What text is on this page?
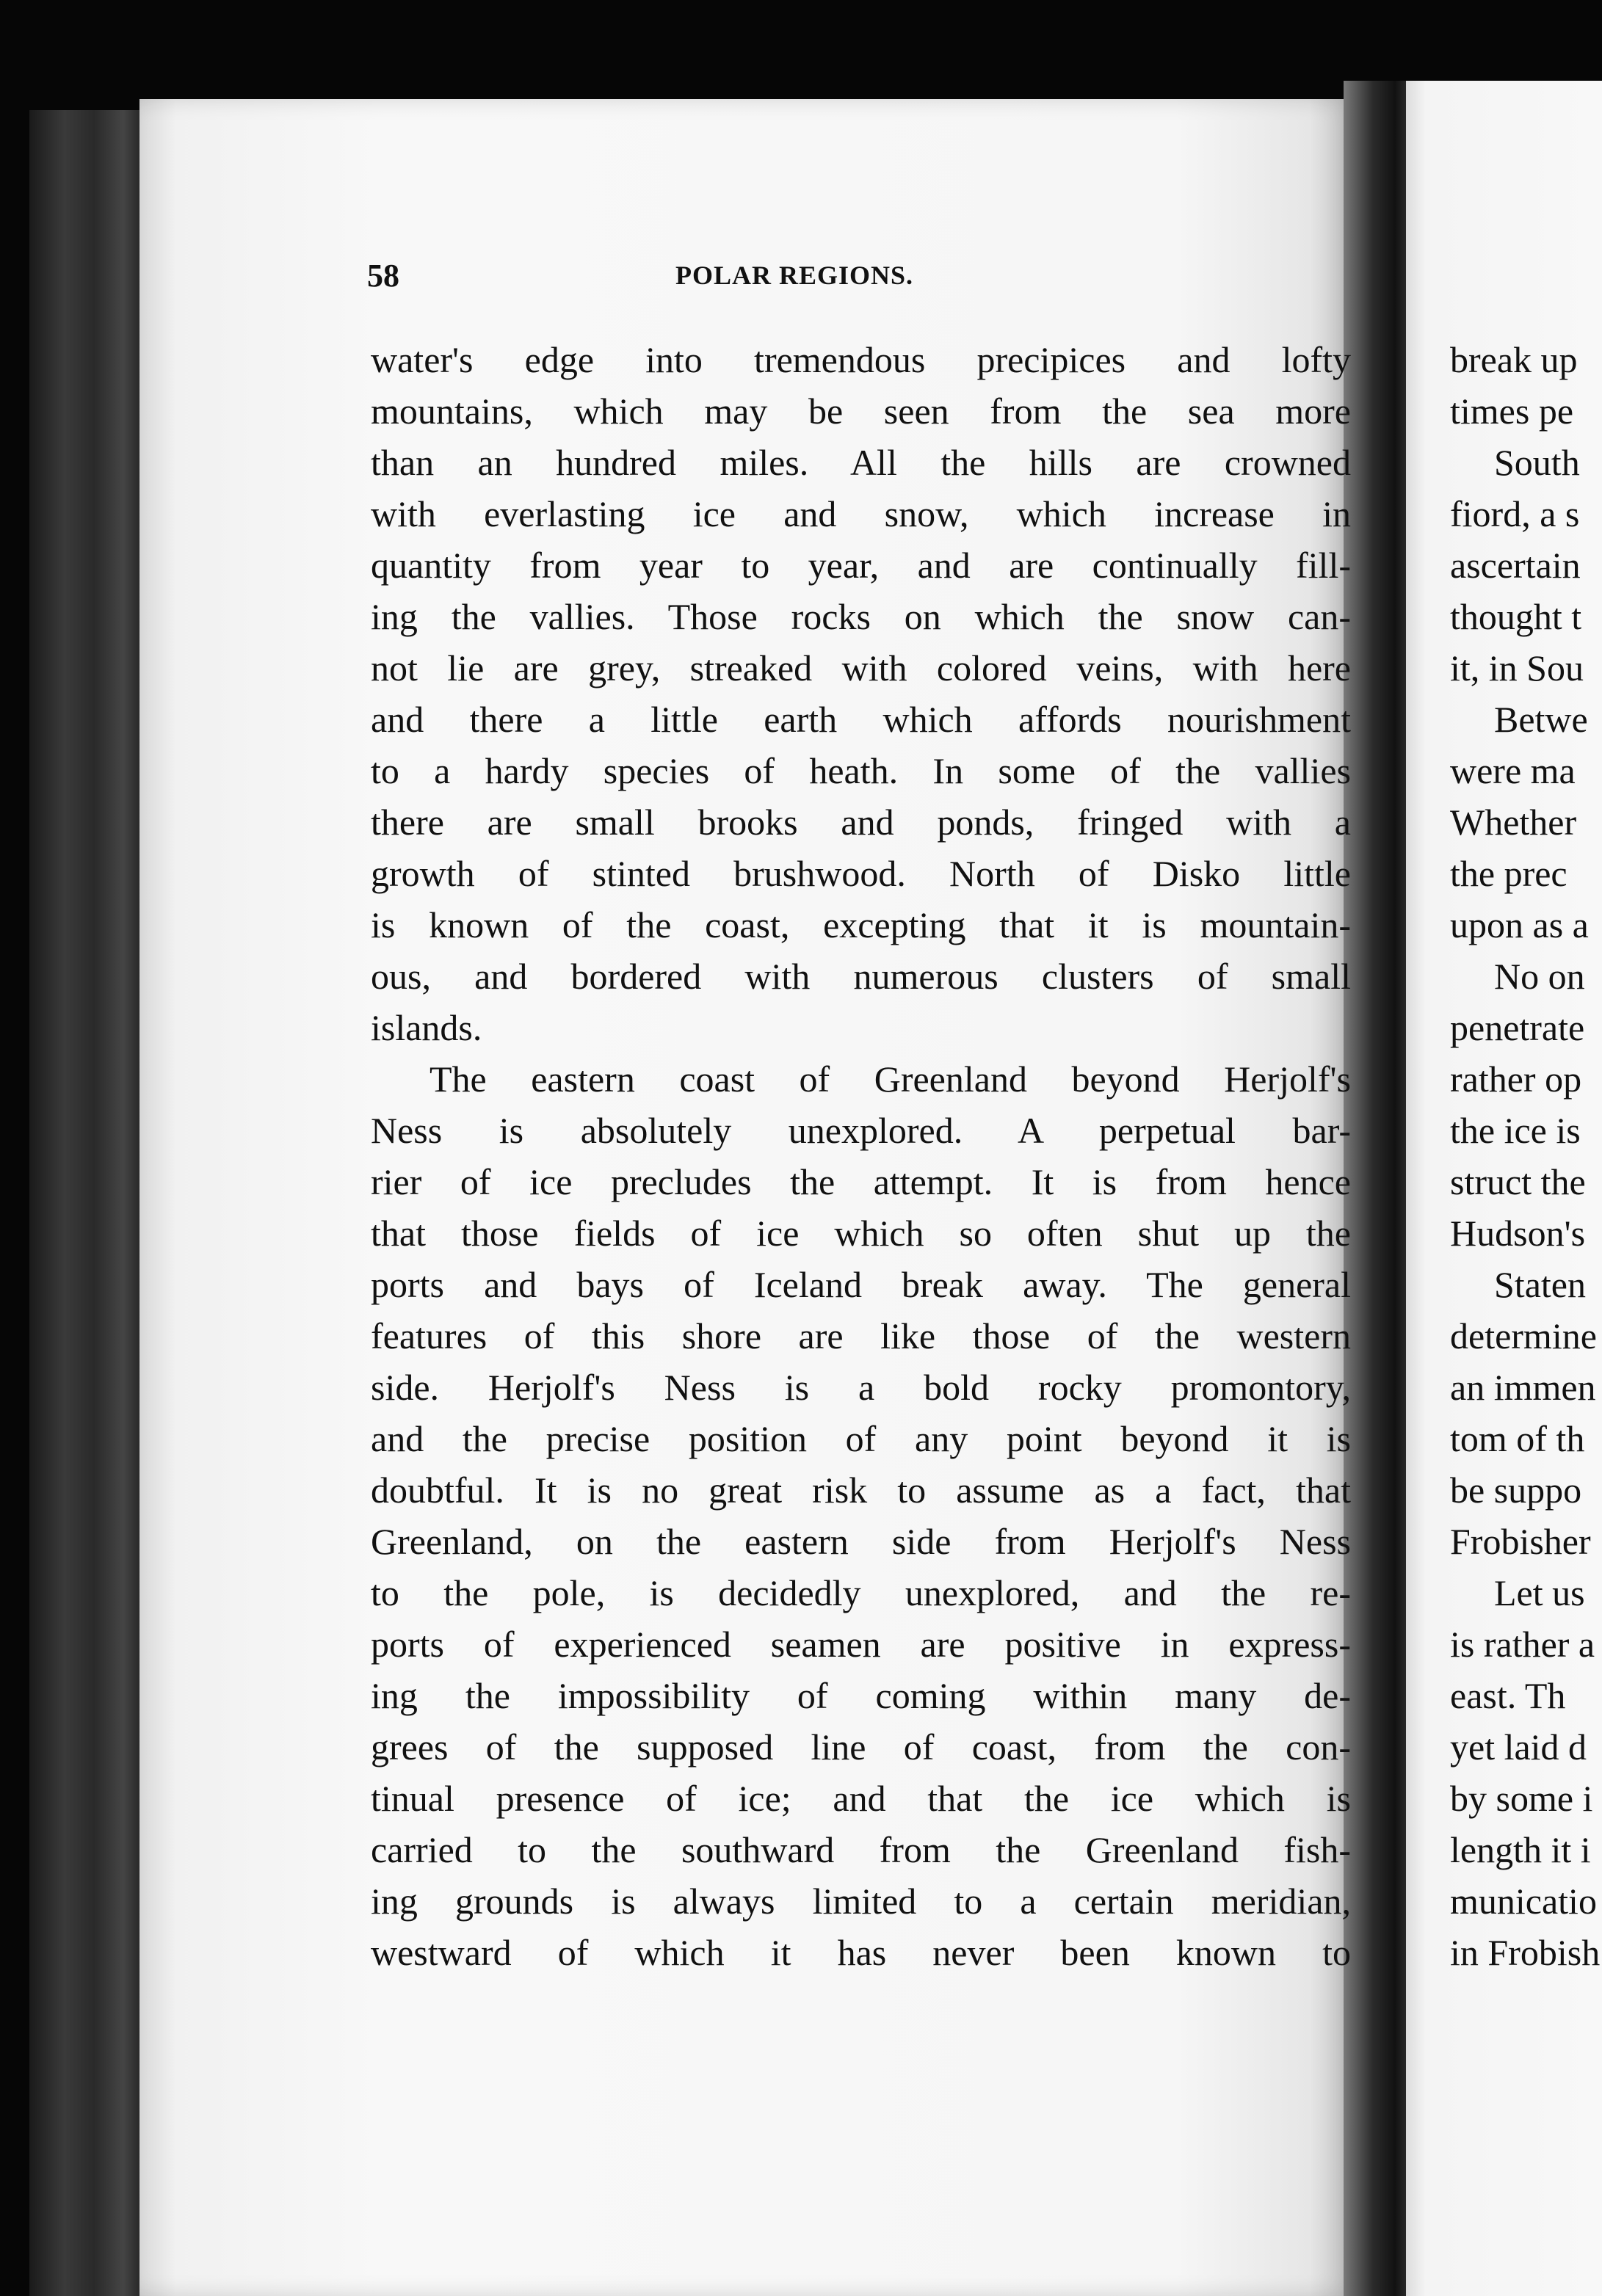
58	POLAR REGIONS.

water's edge into tremendous precipices and lofty
mountains, which may be seen from the sea more
than an hundred miles. All the hills are crowned
with everlasting ice and snow, which increase in
quantity from year to year, and are continually fill-
ing the vallies. Those rocks on which the snow can-
not lie are grey, streaked with colored veins, with here
and there a little earth which affords nourishment
to a hardy species of heath. In some of the vallies
there are small brooks and ponds, fringed with a
growth of stinted brushwood. North of Disko little
is known of the coast, excepting that it is mountain-
ous, and bordered with numerous clusters of small
islands.

The eastern coast of Greenland beyond Herjolf's
Ness is absolutely unexplored. A perpetual bar-
rier of ice precludes the attempt. It is from hence
that those fields of ice which so often shut up the
ports and bays of Iceland break away. The general
features of this shore are like those of the western
side. Herjolf's Ness is a bold rocky promontory,
and the precise position of any point beyond it is
doubtful. It is no great risk to assume as a fact, that
Greenland, on the eastern side from Herjolf's Ness
to the pole, is decidedly unexplored, and the re-
ports of experienced seamen are positive in express-
ing the impossibility of coming within many de-
grees of the supposed line of coast, from the con-
tinual presence of ice; and that the ice which is
carried to the southward from the Greenland fish-
ing grounds is always limited to a certain meridian,
westward of which it has never been known to

break up
times pe
South
fiord, a s
ascertain
thought t
it, in Sou
Betwe
were ma
Whether
the prec
upon as a
No on
penetrate
rather op
the ice is
struct the
Hudson's
Staten
determine
an immen
tom of th
be suppo
Frobisher
Let us
is rather a
east. Th
yet laid d
by some i
length it i
municatio
in Frobish
